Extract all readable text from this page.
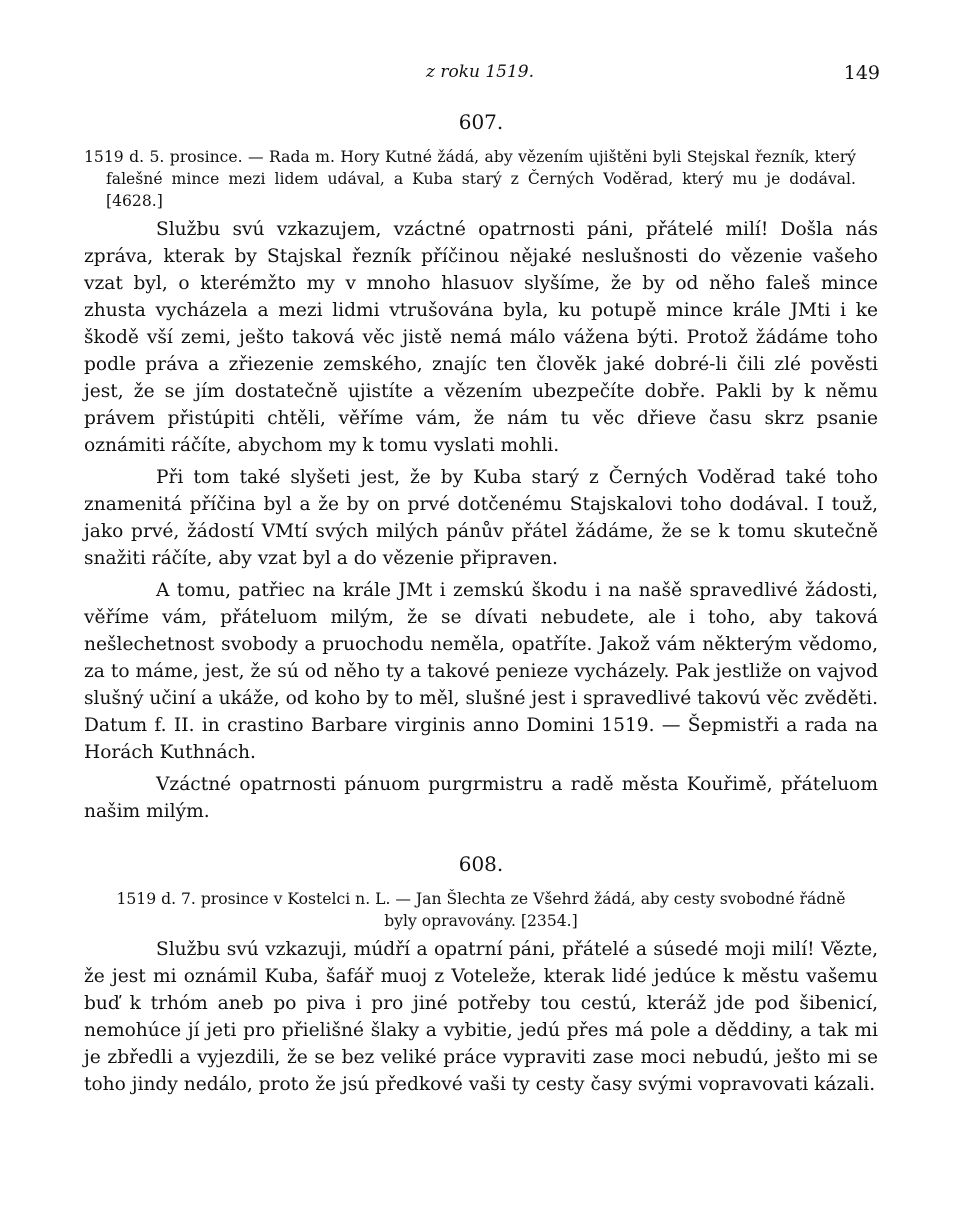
z roku 1519.	149
607.

1519 d. 5. prosince. — Rada m. Hory Kutné žádá, aby vězením ujištěni byli Stejskal řezník, který falešné mince mezi lidem udával, a Kuba starý z Černých Voděrad, který mu je dodával. [4628.]

Službu svú vzkazujem, vzáctné opatrnosti páni, přátelé milí! Došla nás zpráva, kterak by Stajskal řezník příčinou nějaké neslušnosti do vězenie vašeho vzat byl, o kterémžto my v mnoho hlasuov slyšíme, že by od něho faleš mince zhusta vycházela a mezi lidmi vtrušována byla, ku potupě mince krále JMti i ke škodě vší zemi, ješto taková věc jistě nemá málo vážena býti. Protož žádáme toho podle práva a zřiezenie zemského, znajíc ten člověk jaké dobré-li čili zlé pověsti jest, že se jím dostatečně ujistíte a vězením ubezpečíte dobře. Pakli by k němu právem přistúpiti chtěli, věříme vám, že nám tu věc dřieve času skrz psanie oznámiti ráčíte, abychom my k tomu vyslati mohli.

Při tom také slyšeti jest, že by Kuba starý z Černých Voděrad také toho znamenitá příčina byl a že by on prvé dotčenému Stajskalovi toho dodával. I touž, jako prvé, žádostí VMtí svých milých pánův přátel žádáme, že se k tomu skutečně snažiti ráčíte, aby vzat byl a do vězenie připraven.

A tomu, patřiec na krále JMt i zemskú škodu i na našě spravedlivé žádosti, věříme vám, přáteluom milým, že se dívati nebudete, ale i toho, aby taková nešlechetnost svobody a pruochodu neměla, opatříte. Jakož vám některým vědomo, za to máme, jest, že sú od něho ty a takové penieze vycházely. Pak jestliže on vajvod slušný učiní a ukáže, od koho by to měl, slušné jest i spravedlivé takovú věc zvěděti. Datum f. II. in crastino Barbare virginis anno Domini 1519. — Šepmistři a rada na Horách Kuthnách.

Vzáctné opatrnosti pánuom purgrmistru a radě města Kouřimě, přáteluom našim milým.

608.

1519 d. 7. prosince v Kostelci n. L. — Jan Šlechta ze Všehrd žádá, aby cesty svobodné řádně byly opravovány. [2354.]

Službu svú vzkazuji, múdří a opatrní páni, přátelé a súsedé moji milí! Vězte, že jest mi oznámil Kuba, šafář muoj z Voteleže, kterak lidé jedúce k městu vašemu buď k trhóm aneb po piva i pro jiné potřeby tou cestú, kteráž jde pod šibenicí, nemohúce jí jeti pro přielišné šlaky a vybitie, jedú přes má pole a děddiny, a tak mi je zbředli a vyjezdili, že se bez veliké práce vypraviti zase moci nebudú, ješto mi se toho jindy nedálo, proto že jsú předkové vaši ty cesty časy svými vopravovati kázali.
